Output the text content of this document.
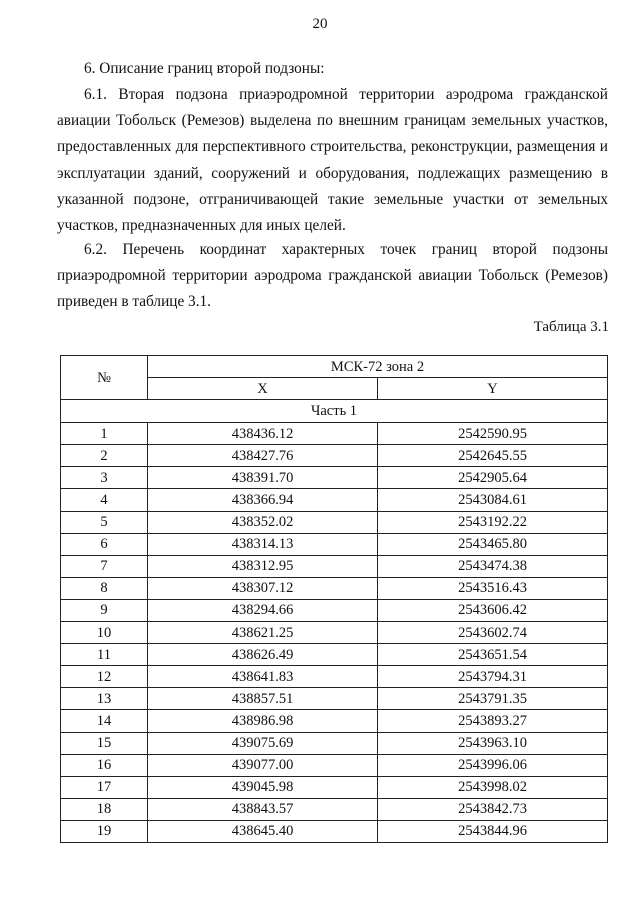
20
6. Описание границ второй подзоны:
6.1. Вторая подзона приаэродромной территории аэродрома гражданской авиации Тобольск (Ремезов) выделена по внешним границам земельных участков, предоставленных для перспективного строительства, реконструкции, размещения и эксплуатации зданий, сооружений и оборудования, подлежащих размещению в указанной подзоне, отграничивающей такие земельные участки от земельных участков, предназначенных для иных целей.
6.2. Перечень координат характерных точек границ второй подзоны приаэродромной территории аэродрома гражданской авиации Тобольск (Ремезов) приведен в таблице 3.1.
Таблица 3.1
№	МСК-72 зона 2	
	X	Y
Часть 1		
1	438436.12	2542590.95
2	438427.76	2542645.55
3	438391.70	2542905.64
4	438366.94	2543084.61
5	438352.02	2543192.22
6	438314.13	2543465.80
7	438312.95	2543474.38
8	438307.12	2543516.43
9	438294.66	2543606.42
10	438621.25	2543602.74
11	438626.49	2543651.54
12	438641.83	2543794.31
13	438857.51	2543791.35
14	438986.98	2543893.27
15	439075.69	2543963.10
16	439077.00	2543996.06
17	439045.98	2543998.02
18	438843.57	2543842.73
19	438645.40	2543844.96
